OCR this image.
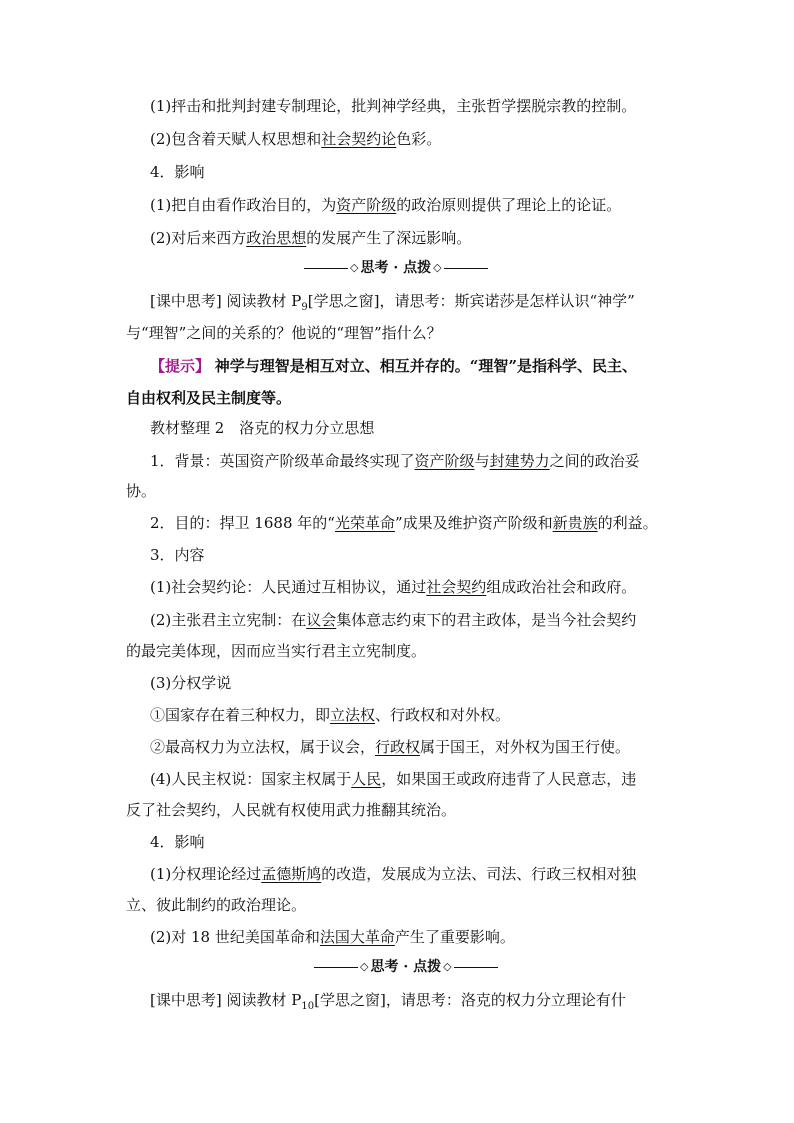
(1)抨击和批判封建专制理论，批判神学经典，主张哲学摆脱宗教的控制。
(2)包含着天赋人权思想和社会契约论色彩。
4．影响
(1)把自由看作政治目的，为资产阶级的政治原则提供了理论上的论证。
(2)对后来西方政治思想的发展产生了深远影响。
◇ 思考 · 点拨 ◇
[课中思考] 阅读教材 $P_9$[学思之窗]，请思考：斯宾诺莎是怎样认识“神学”
与“理智”之间的关系的？他说的“理智”指什么？
【提示】 神学与理智是相互对立、相互并存的。“理智”是指科学、民主、
自由权利及民主制度等。
教材整理 2　洛克的权力分立思想
1．背景：英国资产阶级革命最终实现了资产阶级与封建势力之间的政治妥
协。
2．目的：捍卫 1688 年的“光荣革命”成果及维护资产阶级和新贵族的利益。
3．内容
(1)社会契约论：人民通过互相协议，通过社会契约组成政治社会和政府。
(2)主张君主立宪制：在议会集体意志约束下的君主政体，是当今社会契约
的最完美体现，因而应当实行君主立宪制度。
(3)分权学说
①国家存在着三种权力，即立法权、行政权和对外权。
②最高权力为立法权，属于议会，行政权属于国王，对外权为国王行使。
(4)人民主权说：国家主权属于人民，如果国王或政府违背了人民意志，违
反了社会契约，人民就有权使用武力推翻其统治。
4．影响
(1)分权理论经过孟德斯鸠的改造，发展成为立法、司法、行政三权相对独
立、彼此制约的政治理论。
(2)对 18 世纪美国革命和法国大革命产生了重要影响。
◇ 思考 · 点拨 ◇
[课中思考] 阅读教材 $P_{10}$[学思之窗]，请思考：洛克的权力分立理论有什
